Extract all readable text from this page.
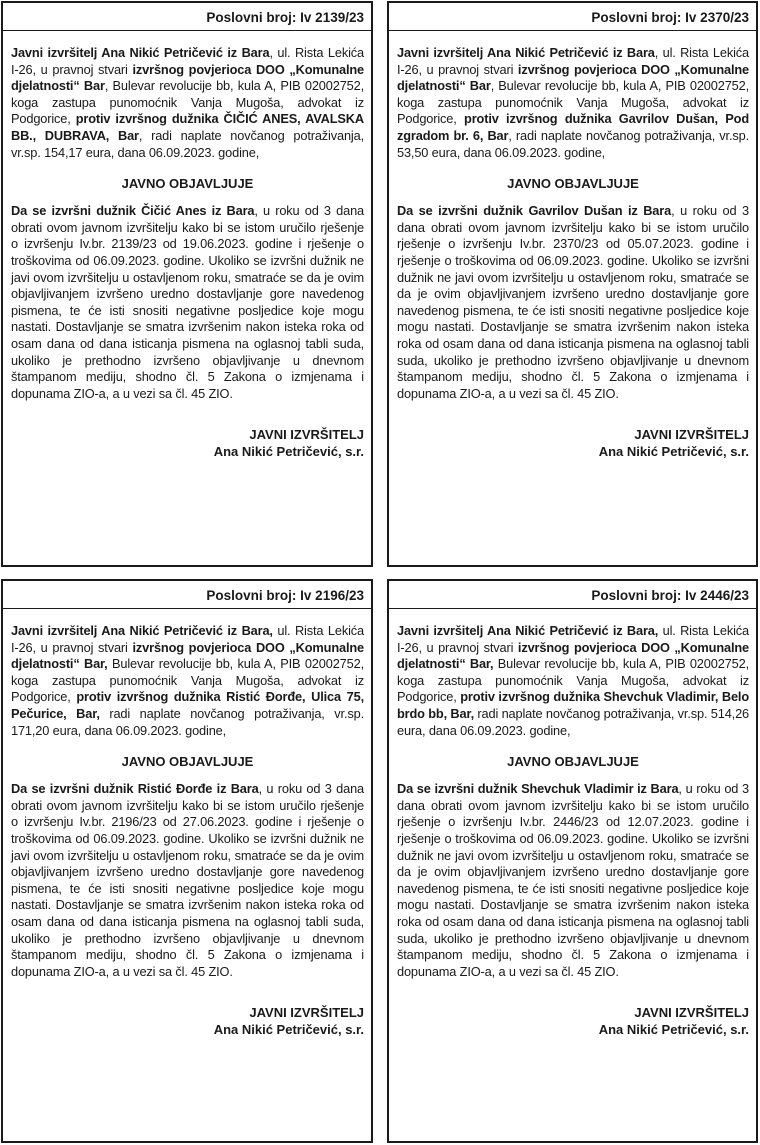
Poslovni broj: Iv 2139/23

Javni izvršitelj Ana Nikić Petričević iz Bara, ul. Rista Lekića I-26, u pravnoj stvari izvršnog povjerioca DOO „Komunalne djelatnosti“ Bar, Bulevar revolucije bb, kula A, PIB 02002752, koga zastupa punomoćnik Vanja Mugoša, advokat iz Podgorice, protiv izvršnog dužnika ČIČIĆ ANES, AVALSKA BB., DUBRAVA, Bar, radi naplate novčanog potraživanja, vr.sp. 154,17 eura, dana 06.09.2023. godine,

JAVNO OBJAVLJUJE

Da se izvršni dužnik Čičić Anes iz Bara, u roku od 3 dana obrati ovom javnom izvršitelju kako bi se istom uručilo rješenje o izvršenju Iv.br. 2139/23 od 19.06.2023. godine i rješenje o troškovima od 06.09.2023. godine. Ukoliko se izvršni dužnik ne javi ovom izvršitelju u ostavljenom roku, smatraće se da je ovim objavljivanjem izvršeno uredno dostavljanje gore navedenog pismena, te će isti snositi negativne posljedice koje mogu nastati. Dostavljanje se smatra izvršenim nakon isteka roka od osam dana od dana isticanja pismena na oglasnoj tabli suda, ukoliko je prethodno izvršeno objavljivanje u dnevnom štampanom mediju, shodno čl. 5 Zakona o izmjenama i dopunama ZIO-a, a u vezi sa čl. 45 ZIO.

JAVNI IZVRŠITELJ
Ana Nikić Petričević, s.r.
Poslovni broj: Iv 2370/23

Javni izvršitelj Ana Nikić Petričević iz Bara, ul. Rista Lekića I-26, u pravnoj stvari izvršnog povjerioca DOO „Komunalne djelatnosti“ Bar, Bulevar revolucije bb, kula A, PIB 02002752, koga zastupa punomoćnik Vanja Mugoša, advokat iz Podgorice, protiv izvršnog dužnika Gavrilov Dušan, Pod zgradom br. 6, Bar, radi naplate novčanog potraživanja, vr.sp. 53,50 eura, dana 06.09.2023. godine,

JAVNO OBJAVLJUJE

Da se izvršni dužnik Gavrilov Dušan iz Bara, u roku od 3 dana obrati ovom javnom izvršitelju kako bi se istom uručilo rješenje o izvršenju Iv.br. 2370/23 od 05.07.2023. godine i rješenje o troškovima od 06.09.2023. godine. Ukoliko se izvršni dužnik ne javi ovom izvršitelju u ostavljenom roku, smatraće se da je ovim objavljivanjem izvršeno uredno dostavljanje gore navedenog pismena, te će isti snositi negativne posljedice koje mogu nastati. Dostavljanje se smatra izvršenim nakon isteka roka od osam dana od dana isticanja pismena na oglasnoj tabli suda, ukoliko je prethodno izvršeno objavljivanje u dnevnom štampanom mediju, shodno čl. 5 Zakona o izmjenama i dopunama ZIO-a, a u vezi sa čl. 45 ZIO.

JAVNI IZVRŠITELJ
Ana Nikić Petričević, s.r.
Poslovni broj: Iv 2196/23

Javni izvršitelj Ana Nikić Petričević iz Bara, ul. Rista Lekića I-26, u pravnoj stvari izvršnog povjerioca DOO „Komunalne djelatnosti“ Bar, Bulevar revolucije bb, kula A, PIB 02002752, koga zastupa punomoćnik Vanja Mugoša, advokat iz Podgorice, protiv izvršnog dužnika Ristić Đorđe, Ulica 75, Pečurice, Bar, radi naplate novčanog potraživanja, vr.sp. 171,20 eura, dana 06.09.2023. godine,

JAVNO OBJAVLJUJE

Da se izvršni dužnik Ristić Đorđe iz Bara, u roku od 3 dana obrati ovom javnom izvršitelju kako bi se istom uručilo rješenje o izvršenju Iv.br. 2196/23 od 27.06.2023. godine i rješenje o troškovima od 06.09.2023. godine. Ukoliko se izvršni dužnik ne javi ovom izvršitelju u ostavljenom roku, smatraće se da je ovim objavljivanjem izvršeno uredno dostavljanje gore navedenog pismena, te će isti snositi negativne posljedice koje mogu nastati. Dostavljanje se smatra izvršenim nakon isteka roka od osam dana od dana isticanja pismena na oglasnoj tabli suda, ukoliko je prethodno izvršeno objavljivanje u dnevnom štampanom mediju, shodno čl. 5 Zakona o izmjenama i dopunama ZIO-a, a u vezi sa čl. 45 ZIO.

JAVNI IZVRŠITELJ
Ana Nikić Petričević, s.r.
Poslovni broj: Iv 2446/23

Javni izvršitelj Ana Nikić Petričević iz Bara, ul. Rista Lekića I-26, u pravnoj stvari izvršnog povjerioca DOO „Komunalne djelatnosti“ Bar, Bulevar revolucije bb, kula A, PIB 02002752, koga zastupa punomoćnik Vanja Mugoša, advokat iz Podgorice, protiv izvršnog dužnika Shevchuk Vladimir, Belo brdo bb, Bar, radi naplate novčanog potraživanja, vr.sp. 514,26 eura, dana 06.09.2023. godine,

JAVNO OBJAVLJUJE

Da se izvršni dužnik Shevchuk Vladimir iz Bara, u roku od 3 dana obrati ovom javnom izvršitelju kako bi se istom uručilo rješenje o izvršenju Iv.br. 2446/23 od 12.07.2023. godine i rješenje o troškovima od 06.09.2023. godine. Ukoliko se izvršni dužnik ne javi ovom izvršitelju u ostavljenom roku, smatraće se da je ovim objavljivanjem izvršeno uredno dostavljanje gore navedenog pismena, te će isti snositi negativne posljedice koje mogu nastati. Dostavljanje se smatra izvršenim nakon isteka roka od osam dana od dana isticanja pismena na oglasnoj tabli suda, ukoliko je prethodno izvršeno objavljivanje u dnevnom štampanom mediju, shodno čl. 5 Zakona o izmjenama i dopunama ZIO-a, a u vezi sa čl. 45 ZIO.

JAVNI IZVRŠITELJ
Ana Nikić Petričević, s.r.
